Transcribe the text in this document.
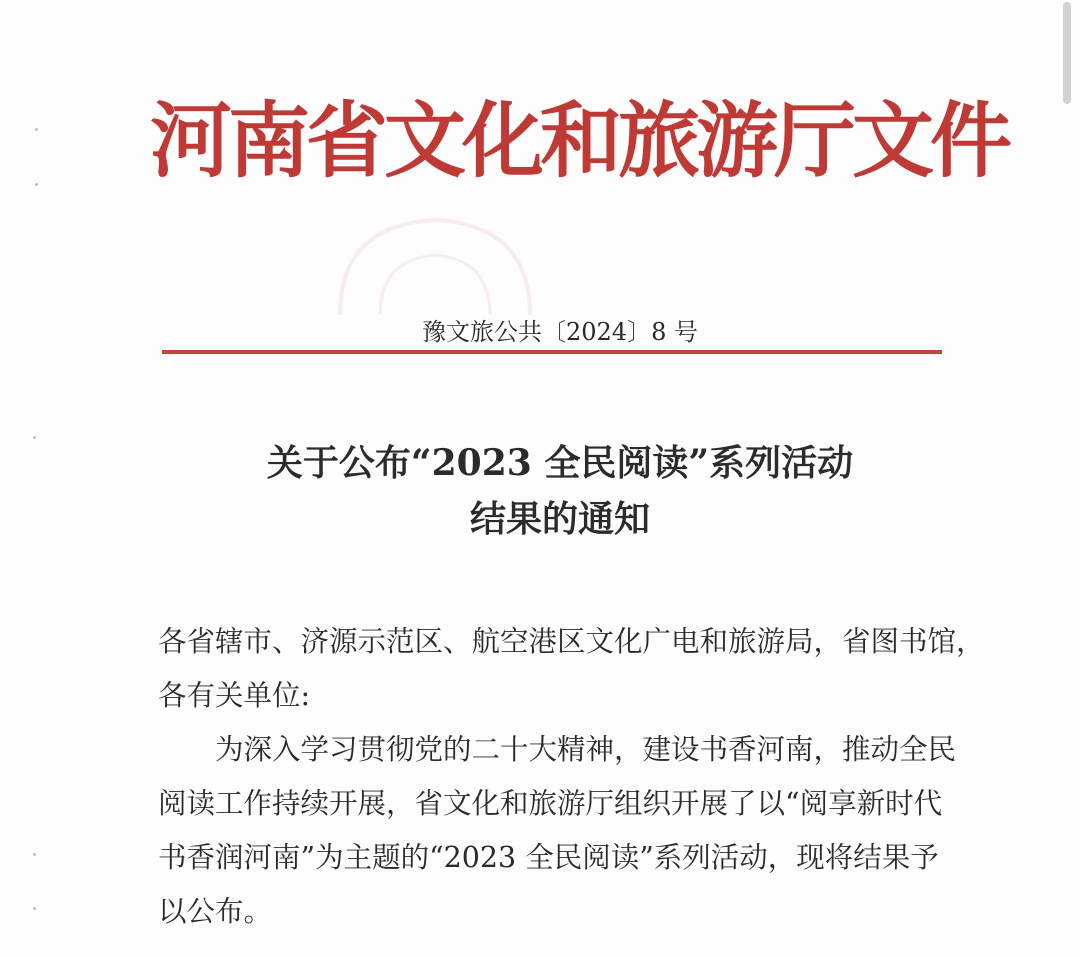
河南省文化和旅游厅文件
豫文旅公共〔2024〕8 号
关于公布“2023 全民阅读”系列活动
结果的通知
各省辖市、济源示范区、航空港区文化广电和旅游局，省图书馆，
各有关单位:
为深入学习贯彻党的二十大精神，建设书香河南，推动全民
阅读工作持续开展，省文化和旅游厅组织开展了以“阅享新时代
书香润河南”为主题的“2023 全民阅读”系列活动，现将结果予
以公布。
